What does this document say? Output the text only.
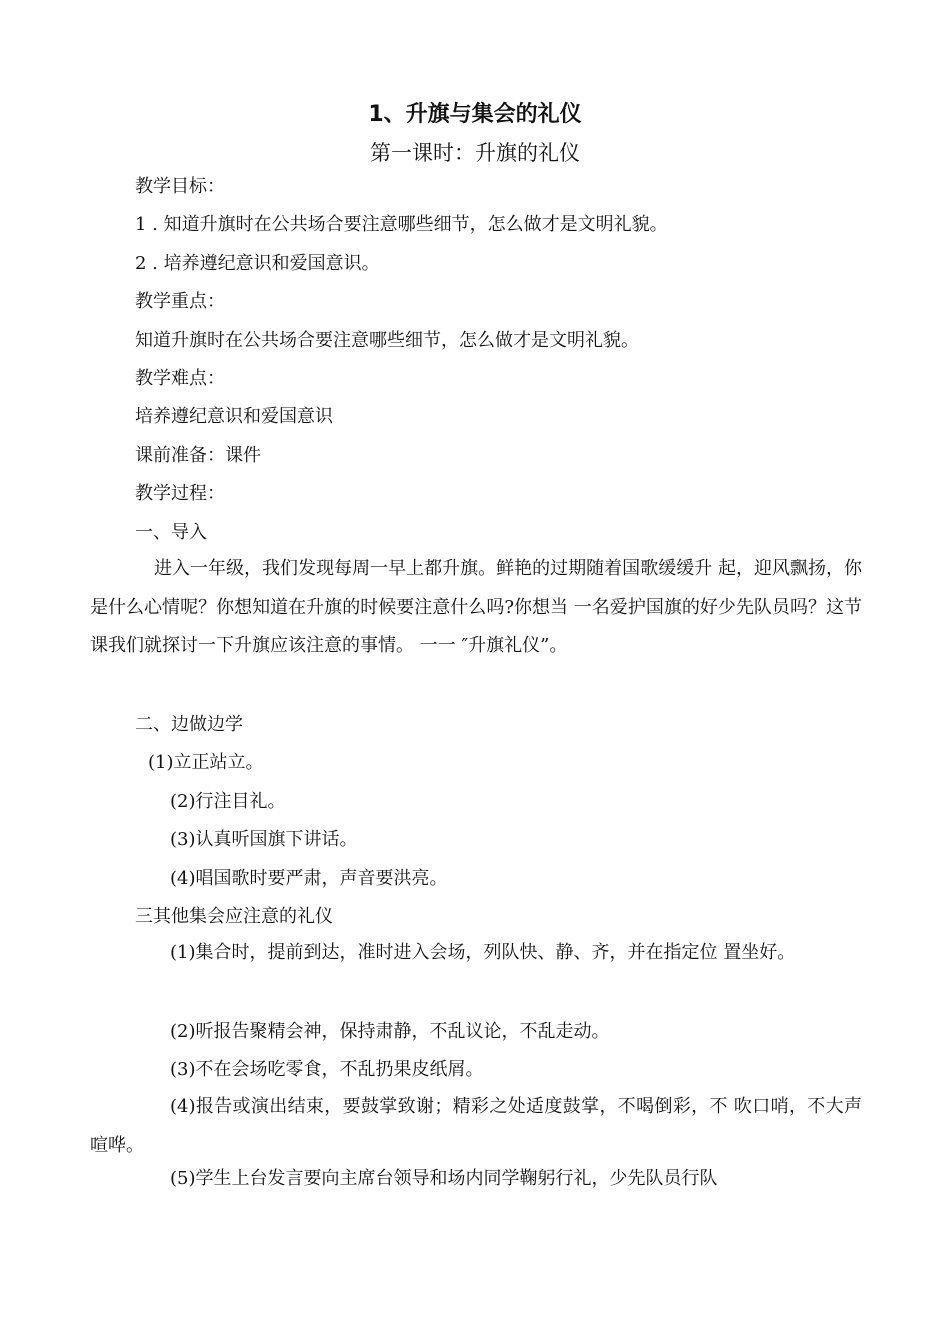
1、升旗与集会的礼仪
第一课时：升旗的礼仪
教学目标：
1 . 知道升旗时在公共场合要注意哪些细节，怎么做才是文明礼貌。
2 . 培养遵纪意识和爱国意识。
教学重点：
知道升旗时在公共场合要注意哪些细节，怎么做才是文明礼貌。
教学难点：
培养遵纪意识和爱国意识
课前准备：课件
教学过程：
一、导入
进入一年级，我们发现每周一早上都升旗。鲜艳的过期随着国歌缓缓升 起，迎风飘扬，你是什么心情呢？你想知道在升旗的时候要注意什么吗?你想当 一名爱护国旗的好少先队员吗？这节课我们就探讨一下升旗应该注意的事情。 一一 ″升旗礼仪”。
二、边做边学
(1)立正站立。
(2)行注目礼。
(3)认真听国旗下讲话。
(4)唱国歌时要严肃，声音要洪亮。
三其他集会应注意的礼仪
(1)集合时，提前到达，准时进入会场，列队快、静、齐，并在指定位 置坐好。
(2)听报告聚精会神，保持肃静，不乱议论，不乱走动。
(3)不在会场吃零食，不乱扔果皮纸屑。
(4)报告或演出结束，要鼓掌致谢；精彩之处适度鼓掌，不喝倒彩，不 吹口哨，不大声喧哗。
(5)学生上台发言要向主席台领导和场内同学鞠躬行礼，少先队员行队
